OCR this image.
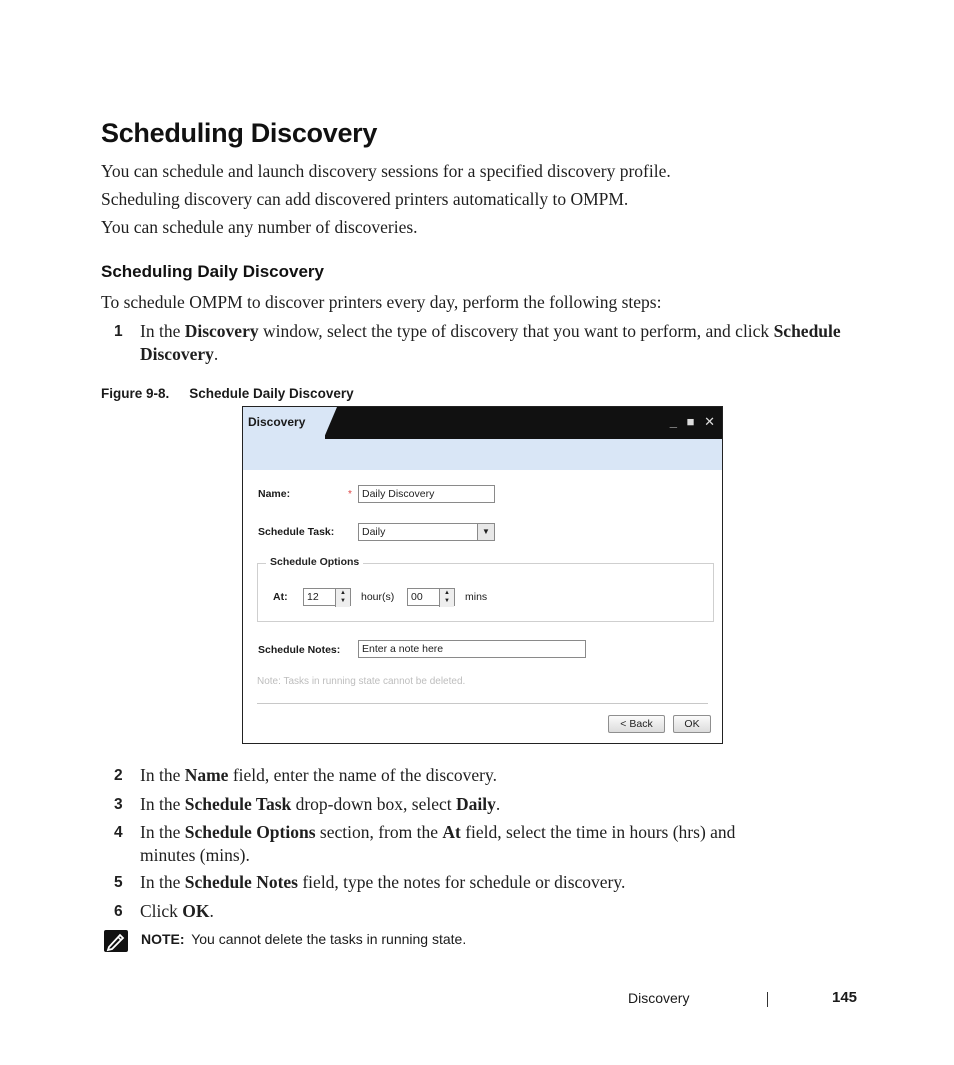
Scheduling Discovery
You can schedule and launch discovery sessions for a specified discovery profile.
Scheduling discovery can add discovered printers automatically to OMPM.
You can schedule any number of discoveries.
Scheduling Daily Discovery
To schedule OMPM to discover printers every day, perform the following steps:
1 In the Discovery window, select the type of discovery that you want to perform, and click Schedule Discovery.
Figure 9-8. Schedule Daily Discovery
Discovery	_ ■ ✕
Name:	* Daily Discovery
Schedule Task:	Daily	▼
Schedule Options
At:	12	▲
▼	hour(s)	00	▲
▼	mins
Schedule Notes:	Enter a note here
Note: Tasks in running state cannot be deleted.
< Back	OK
2 In the Name field, enter the name of the discovery.
3 In the Schedule Task drop-down box, select Daily.
4 In the Schedule Options section, from the At field, select the time in hours (hrs) and minutes (mins).
5 In the Schedule Notes field, type the notes for schedule or discovery.
6 Click OK.
NOTE: You cannot delete the tasks in running state.
Discovery	145
